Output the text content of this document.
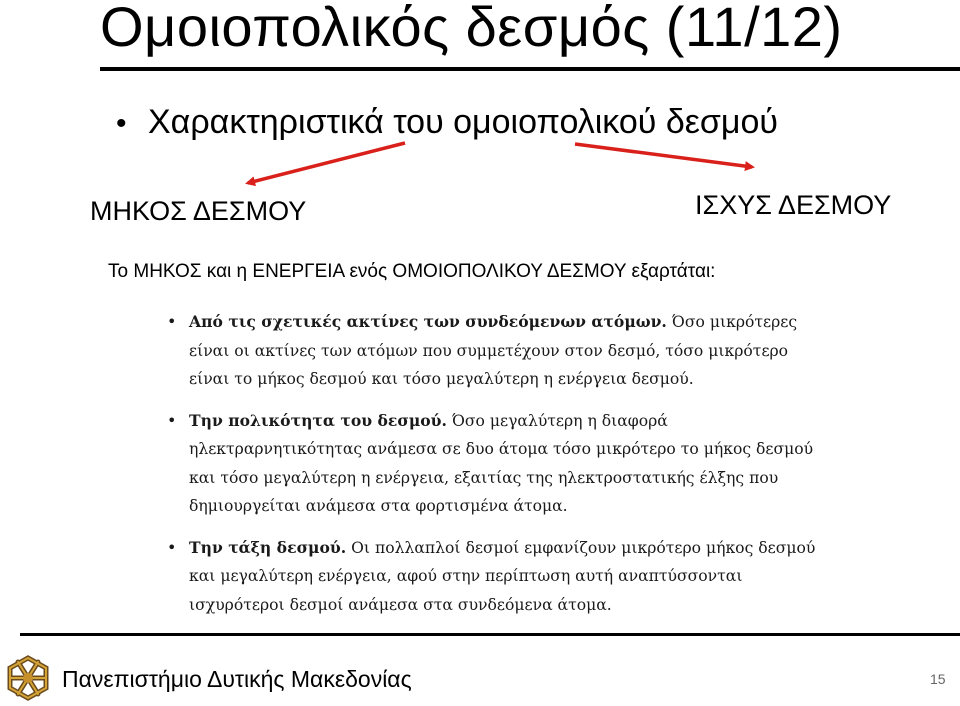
Ομοιοπολικός δεσμός (11/12)
• Χαρακτηριστικά του ομοιοπολικού δεσμού
ΜΗΚΟΣ ΔΕΣΜΟΥ	ΙΣΧΥΣ ΔΕΣΜΟΥ
Το ΜΗΚΟΣ και η ΕΝΕΡΓΕΙΑ ενός ΟΜΟΙΟΠΟΛΙΚΟΥ ΔΕΣΜΟΥ εξαρτάται:
• Από τις σχετικές ακτίνες των συνδεόμενων ατόμων. Όσο μικρότερες είναι οι ακτίνες των ατόμων που συμμετέχουν στον δεσμό, τόσο μικρότερο είναι το μήκος δεσμού και τόσο μεγαλύτερη η ενέργεια δεσμού.
• Την πολικότητα του δεσμού. Όσο μεγαλύτερη η διαφορά ηλεκτραρνητικότητας ανάμεσα σε δυο άτομα τόσο μικρότερο το μήκος δεσμού και τόσο μεγαλύτερη η ενέργεια, εξαιτίας της ηλεκτροστατικής έλξης που δημιουργείται ανάμεσα στα φορτισμένα άτομα.
• Την τάξη δεσμού. Οι πολλαπλοί δεσμοί εμφανίζουν μικρότερο μήκος δεσμού και μεγαλύτερη ενέργεια, αφού στην περίπτωση αυτή αναπτύσσονται ισχυρότεροι δεσμοί ανάμεσα στα συνδεόμενα άτομα.
Πανεπιστήμιο Δυτικής Μακεδονίας	15
